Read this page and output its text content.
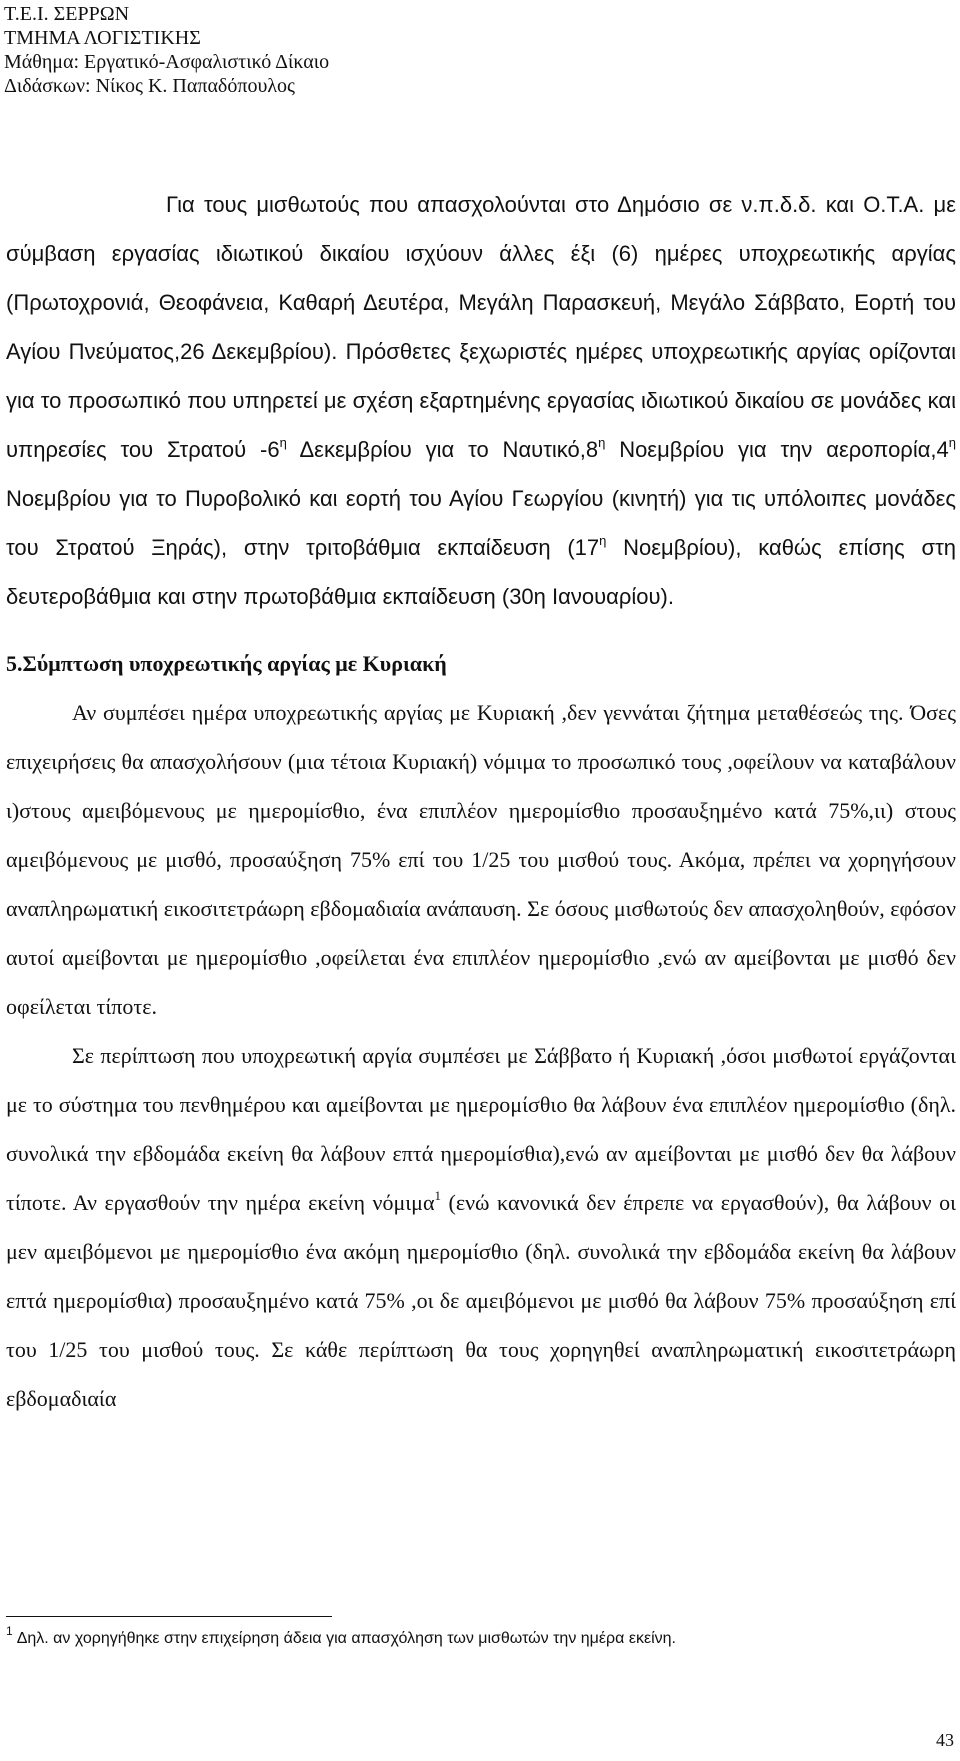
Τ.Ε.Ι. ΣΕΡΡΩΝ
ΤΜΗΜΑ ΛΟΓΙΣΤΙΚΗΣ
Μάθημα: Εργατικό-Ασφαλιστικό Δίκαιο
Διδάσκων: Νίκος Κ. Παπαδόπουλος

Για τους μισθωτούς που απασχολούνται στο Δημόσιο σε ν.π.δ.δ. και Ο.Τ.Α. με σύμβαση εργασίας ιδιωτικού δικαίου ισχύουν άλλες έξι (6) ημέρες υποχρεωτικής αργίας (Πρωτοχρονιά, Θεοφάνεια, Καθαρή Δευτέρα, Μεγάλη Παρασκευή, Μεγάλο Σάββατο, Εορτή του Αγίου Πνεύματος,26 Δεκεμβρίου). Πρόσθετες ξεχωριστές ημέρες υποχρεωτικής αργίας ορίζονται για το προσωπικό που υπηρετεί με σχέση εξαρτημένης εργασίας ιδιωτικού δικαίου σε μονάδες και υπηρεσίες του Στρατού $-6^\eta$ Δεκεμβρίου για το $N\alpha\upsilon\tau\iota\kappa ό,8^\eta$ Νοεμβρίου για την $\alpha\varepsilon\rho o\pi o\rho ί\alpha,4^\eta$ Νοεμβρίου για το Πυροβολικό και εορτή του Αγίου Γεωργίου (κινητή) για τις υπόλοιπες μονάδες του Στρατού Ξηράς), στην τριτοβάθμια εκπαίδευση ($17^\eta$ Νοεμβρίου), καθώς επίσης στη δευτεροβάθμια και στην πρωτοβάθμια εκπαίδευση (30η Ιανουαρίου).

5.Σύμπτωση υποχρεωτικής αργίας με Κυριακή

Αν συμπέσει ημέρα υποχρεωτικής αργίας με Κυριακή ,δεν γεννάται ζήτημα μεταθέσεώς της. Όσες επιχειρήσεις θα απασχολήσουν (μια τέτοια Κυριακή) νόμιμα το προσωπικό τους ,οφείλουν να καταβάλουν ι)στους αμειβόμενους με ημερομίσθιο, ένα επιπλέον ημερομίσθιο προσαυξημένο κατά 75%,ιι) στους αμειβόμενους με μισθό, προσαύξηση 75% επί του 1/25 του μισθού τους. Ακόμα, πρέπει να χορηγήσουν αναπληρωματική εικοσιτετράωρη εβδομαδιαία ανάπαυση. Σε όσους μισθωτούς δεν απασχοληθούν, εφόσον αυτοί αμείβονται με ημερομίσθιο ,οφείλεται ένα επιπλέον ημερομίσθιο ,ενώ αν αμείβονται με μισθό δεν οφείλεται τίποτε.

Σε περίπτωση που υποχρεωτική αργία συμπέσει με Σάββατο ή Κυριακή ,όσοι μισθωτοί εργάζονται με το σύστημα του πενθημέρου και αμείβονται με ημερομίσθιο θα λάβουν ένα επιπλέον ημερομίσθιο (δηλ. συνολικά την εβδομάδα εκείνη θα λάβουν επτά ημερομίσθια),ενώ αν αμείβονται με μισθό δεν θα λάβουν τίποτε. Αν εργασθούν την ημέρα εκείνη νόμιμα$^1$ (ενώ κανονικά δεν έπρεπε να εργασθούν), θα λάβουν οι μεν αμειβόμενοι με ημερομίσθιο ένα ακόμη ημερομίσθιο (δηλ. συνολικά την εβδομάδα εκείνη θα λάβουν επτά ημερομίσθια) προσαυξημένο κατά 75% ,οι δε αμειβόμενοι με μισθό θα λάβουν 75% προσαύξηση επί του 1/25 του μισθού τους. Σε κάθε περίπτωση θα τους χορηγηθεί αναπληρωματική εικοσιτετράωρη εβδομαδιαία

$^1$ Δηλ. αν χορηγήθηκε στην επιχείρηση άδεια για απασχόληση των μισθωτών την ημέρα εκείνη.
43
